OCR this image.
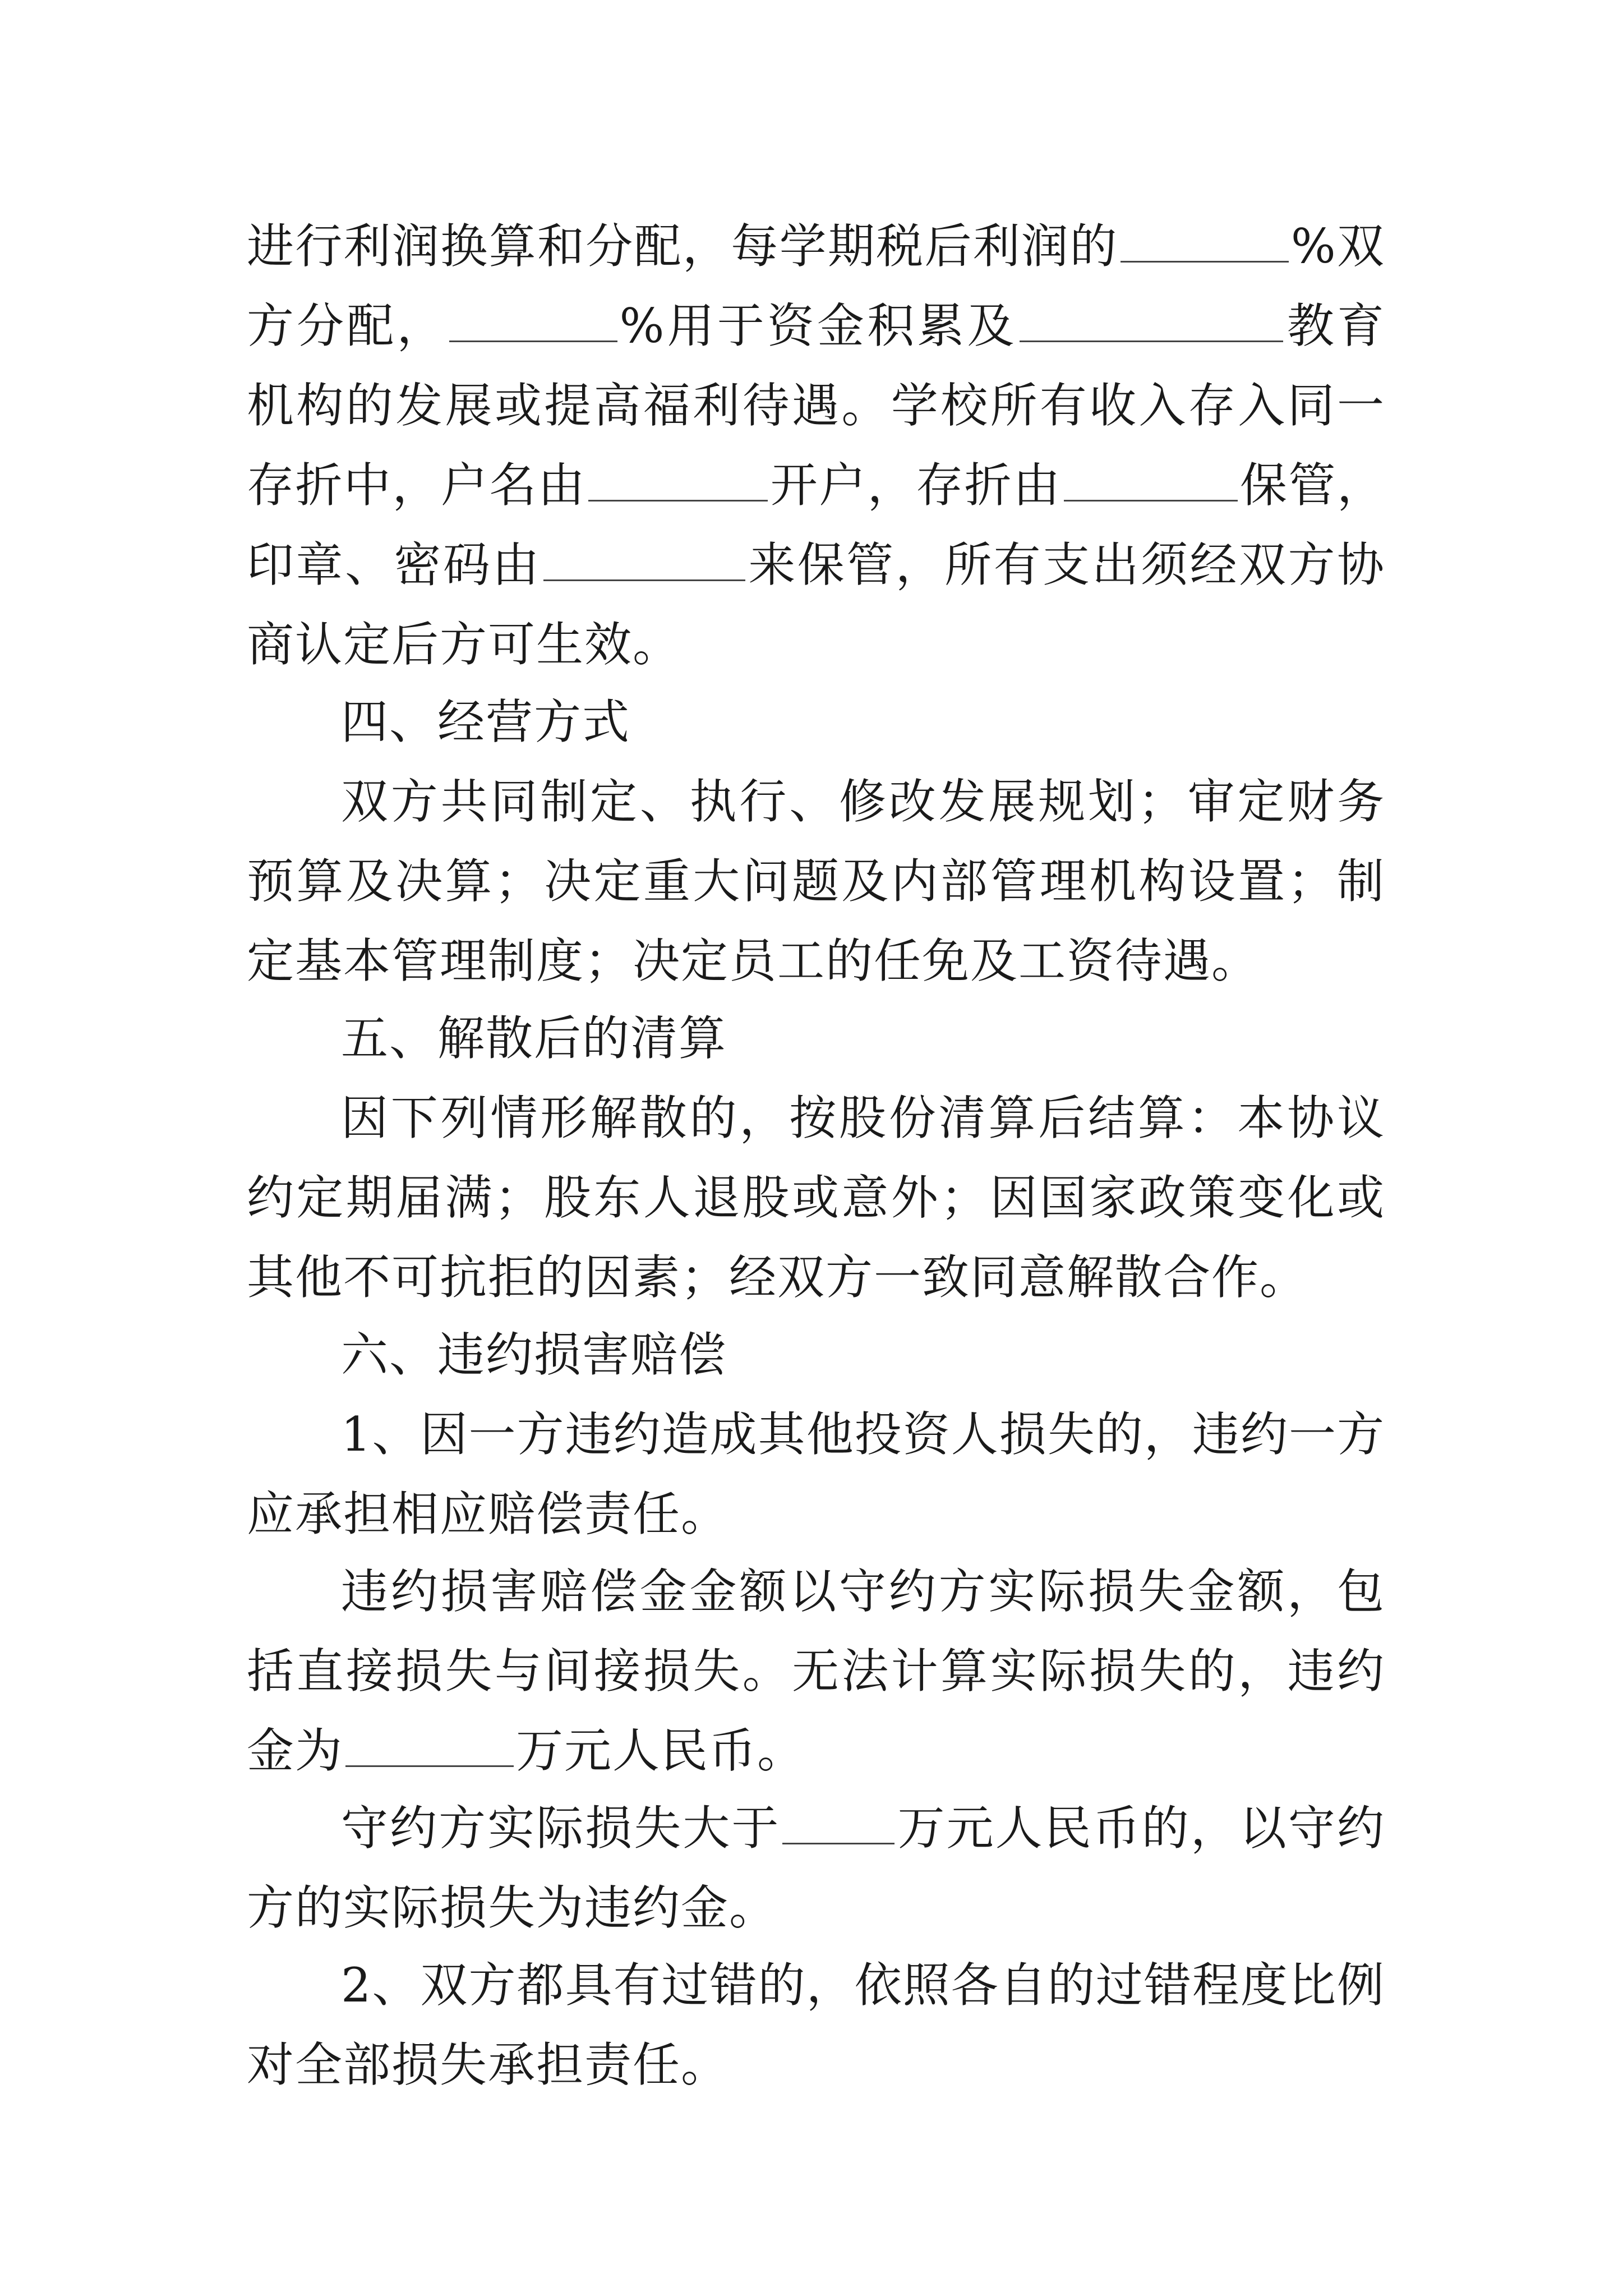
进行利润换算和分配，每学期税后利润的	%双方分配，	%用于资金积累及	教育机构的发展或提高福利待遇。学校所有收入存入同一存折中，户名由	开户，存折由	保管，印章、密码由	来保管，所有支出须经双方协商认定后方可生效。

四、经营方式

双方共同制定、执行、修改发展规划；审定财务预算及决算；决定重大问题及内部管理机构设置；制定基本管理制度；决定员工的任免及工资待遇。

五、解散后的清算

因下列情形解散的，按股份清算后结算：本协议约定期届满；股东人退股或意外；因国家政策变化或其他不可抗拒的因素；经双方一致同意解散合作。

六、违约损害赔偿

1、因一方违约造成其他投资人损失的，违约一方应承担相应赔偿责任。

违约损害赔偿金金额以守约方实际损失金额，包括直接损失与间接损失。无法计算实际损失的，违约金为	万元人民币。

守约方实际损失大于 万元人民币的，以守约方的实际损失为违约金。

2、双方都具有过错的，依照各自的过错程度比例对全部损失承担责任。
